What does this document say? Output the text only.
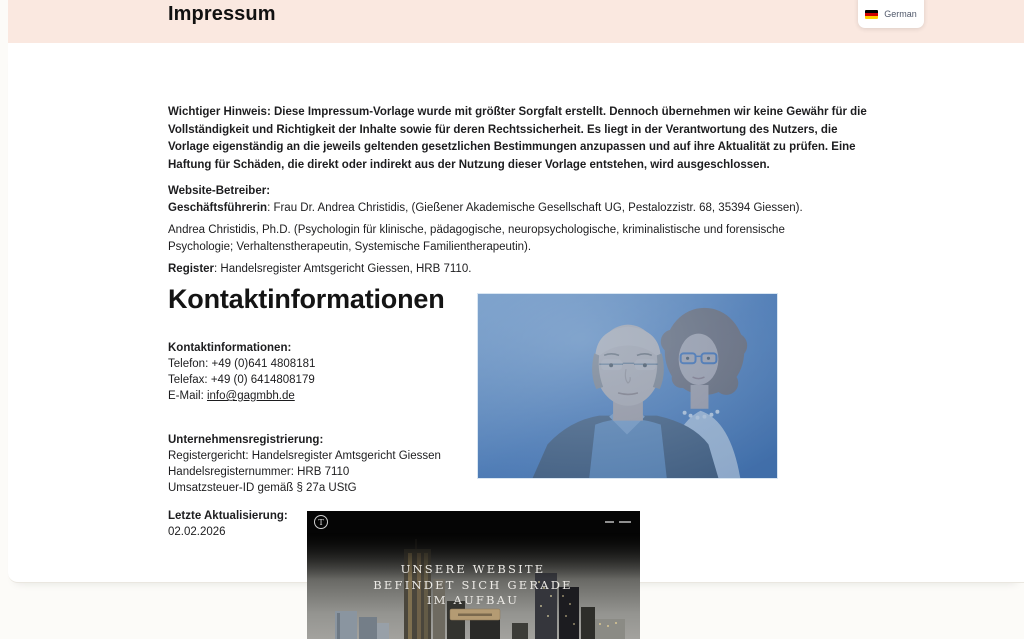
Impressum	German

Wichtiger Hinweis: Diese Impressum-Vorlage wurde mit größter Sorgfalt erstellt. Dennoch übernehmen wir keine Gewähr für die Vollständigkeit und Richtigkeit der Inhalte sowie für deren Rechtssicherheit. Es liegt in der Verantwortung des Nutzers, die Vorlage eigenständig an die jeweils geltenden gesetzlichen Bestimmungen anzupassen und auf ihre Aktualität zu prüfen. Eine Haftung für Schäden, die direkt oder indirekt aus der Nutzung dieser Vorlage entstehen, wird ausgeschlossen.

Website-Betreiber:

Geschäftsführerin: Frau Dr. Andrea Christidis, (Gießener Akademische Gesellschaft UG, Pestalozzistr. 68, 35394 Giessen).

Andrea Christidis, Ph.D. (Psychologin für klinische, pädagogische, neuropsychologische, kriminalistische und forensische Psychologie; Verhaltenstherapeutin, Systemische Familientherapeutin).

Register: Handelsregister Amtsgericht Giessen, HRB 7110.

Kontaktinformationen

Kontaktinformationen:

Telefon: +49 (0)641 4808181

Telefax: +49 (0) 6414808179

E-Mail: info@gagmbh.de

Unternehmensregistrierung:

Registergericht: Handelsregister Amtsgericht Giessen

Handelsregisternummer: HRB 7110

Umsatzsteuer-ID gemäß § 27a UStG

Letzte Aktualisierung:

02.02.2026

T
UNSERE WEBSITE
BEFINDET SICH GERADE
IM AUFBAU
